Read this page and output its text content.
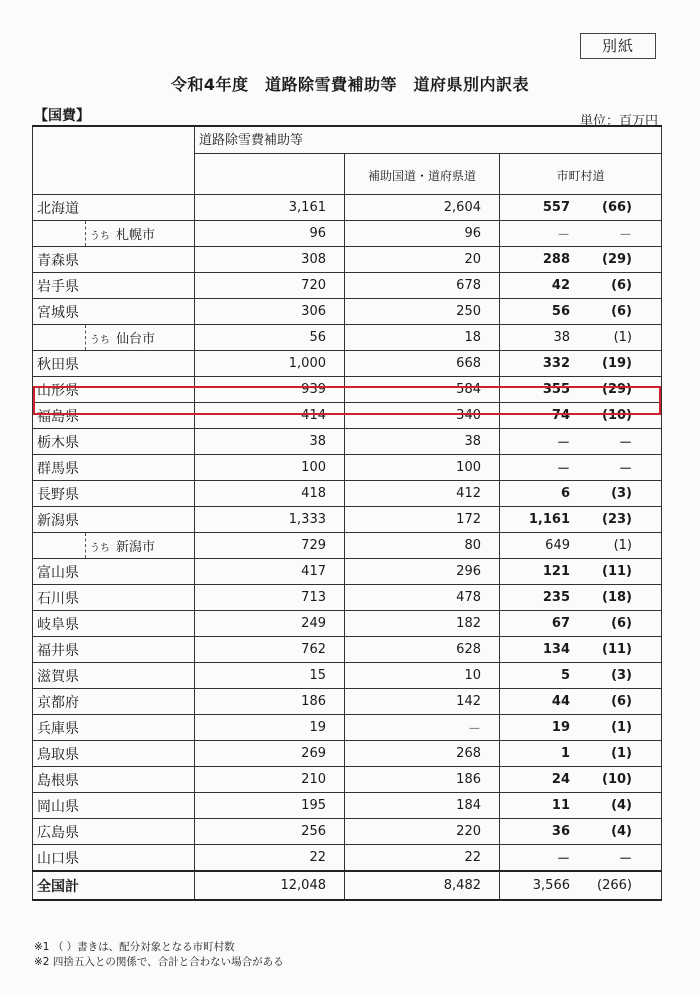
別紙
令和4年度　道路除雪費補助等　道府県別内訳表
【国費】	単位：百万円
	道路除雪費補助等		
		補助国道・道府県道	市町村道
北海道	3,161	2,604	557 (66)

うち 札幌市	96	96	－ －
青森県	308	20	288 (29)
岩手県	720	678	42 (6)
宮城県	306	250	56 (6)

うち 仙台市	56	18	38 (1)
秋田県	1,000	668	332 (19)
山形県	939	584	355 (29)
福島県	414	340	74 (10)
栃木県	38	38	－ －
群馬県	100	100	－ －
長野県	418	412	6 (3)
新潟県	1,333	172	1,161 (23)

うち 新潟市	729	80	649 (1)
富山県	417	296	121 (11)
石川県	713	478	235 (18)
岐阜県	249	182	67 (6)
福井県	762	628	134 (11)
滋賀県	15	10	5 (3)
京都府	186	142	44 (6)
兵庫県	19	－	19 (1)
鳥取県	269	268	1 (1)
島根県	210	186	24 (10)
岡山県	195	184	11 (4)
広島県	256	220	36 (4)
山口県	22	22	－ －
全国計	12,048	8,482	3,566 (266)
※1 （ ）書きは、配分対象となる市町村数
※2 四捨五入との関係で、合計と合わない場合がある
